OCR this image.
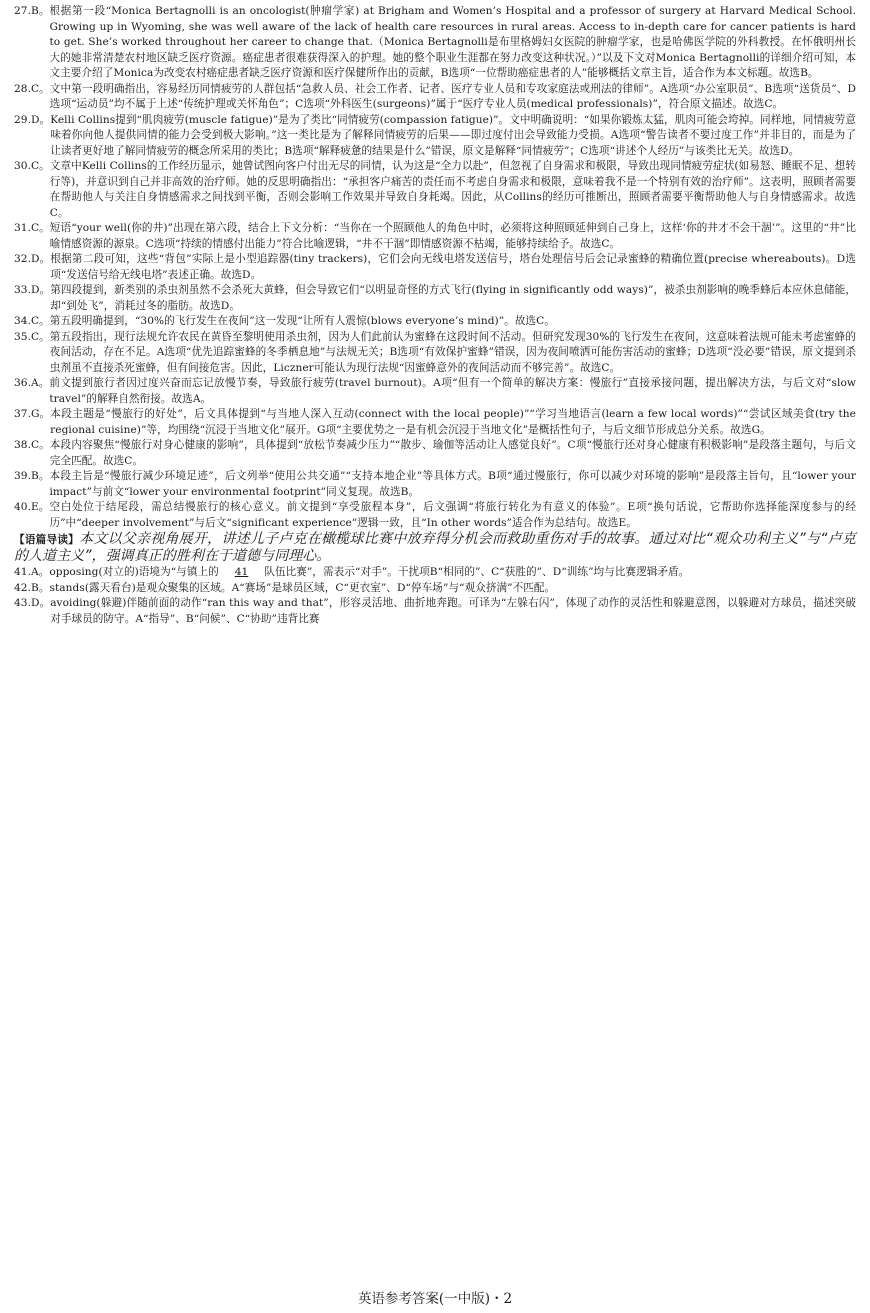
27.B。 根据第一段“Monica Bertagnolli is an oncologist(肿瘤学家) at Brigham and Women’s Hospital and a professor of surgery at Harvard Medical School. Growing up in Wyoming, she was well aware of the lack of health care resources in rural areas. Access to in-depth care for cancer patients is hard to get. She’s worked throughout her career to change that.（Monica Bertagnolli是布里格姆妇女医院的肿瘤学家，也是哈佛医学院的外科教授。在怀俄明州长大的她非常清楚农村地区缺乏医疗资源。癌症患者很难获得深入的护理。她的整个职业生涯都在努力改变这种状况。）”以及下文对Monica Bertagnolli的详细介绍可知，本文主要介绍了Monica为改变农村癌症患者缺乏医疗资源和医疗保健所作出的贡献，B选项“一位帮助癌症患者的人”能够概括文章主旨，适合作为本文标题。故选B。
28.C。 文中第一段明确指出，容易经历同情疲劳的人群包括“急救人员、社会工作者、记者、医疗专业人员和专攻家庭法或刑法的律师”。A选项“办公室职员”、B选项“送货员”、D选项“运动员”均不属于上述“传统护理或关怀角色”；C选项“外科医生(surgeons)”属于“医疗专业人员(medical professionals)”，符合原文描述。故选C。
29.D。 Kelli Collins提到“肌肉疲劳(muscle fatigue)”是为了类比“同情疲劳(compassion fatigue)”。文中明确说明：“如果你锻炼太猛，肌肉可能会垮掉。同样地，同情疲劳意味着你向他人提供同情的能力会受到极大影响。”这一类比是为了解释同情疲劳的后果——即过度付出会导致能力受损。A选项“警告读者不要过度工作”并非目的，而是为了让读者更好地了解同情疲劳的概念所采用的类比；B选项“解释疲惫的结果是什么”错误，原文是解释“同情疲劳”；C选项“讲述个人经历”与该类比无关。故选D。
30.C。 文章中Kelli Collins的工作经历显示，她曾试图向客户付出无尽的同情，认为这是“全力以赴”，但忽视了自身需求和极限，导致出现同情疲劳症状(如易怒、睡眠不足、想转行等)，并意识到自己并非高效的治疗师。她的反思明确指出：“承担客户痛苦的责任而不考虑自身需求和极限，意味着我不是一个特别有效的治疗师”。这表明，照顾者需要在帮助他人与关注自身情感需求之间找到平衡，否则会影响工作效果并导致自身耗竭。因此，从Collins的经历可推断出，照顾者需要平衡帮助他人与自身情感需求。故选C。
31.C。 短语“your well(你的井)”出现在第六段，结合上下文分析：“当你在一个照顾他人的角色中时，必须将这种照顾延伸到自己身上，这样‘你的井才不会干涸’”。这里的“井”比喻情感资源的源泉。C选项“持续的情感付出能力”符合比喻逻辑，“井不干涸”即情感资源不枯竭，能够持续给予。故选C。
32.D。 根据第二段可知，这些“背包”实际上是小型追踪器(tiny trackers)，它们会向无线电塔发送信号，塔台处理信号后会记录蜜蜂的精确位置(precise whereabouts)。D选项“发送信号给无线电塔”表述正确。故选D。
33.D。 第四段提到，新类别的杀虫剂虽然不会杀死大黄蜂，但会导致它们“以明显奇怪的方式飞行(flying in significantly odd ways)”，被杀虫剂影响的晚季蜂后本应休息储能，却“到处飞”，消耗过冬的脂肪。故选D。
34.C。 第五段明确提到，“30%的飞行发生在夜间”这一发现“让所有人震惊(blows everyone’s mind)”。故选C。
35.C。 第五段指出，现行法规允许农民在黄昏至黎明使用杀虫剂，因为人们此前认为蜜蜂在这段时间不活动。但研究发现30%的飞行发生在夜间，这意味着法规可能未考虑蜜蜂的夜间活动，存在不足。A选项“优先追踪蜜蜂的冬季栖息地”与法规无关；B选项“有效保护蜜蜂”错误，因为夜间喷洒可能伤害活动的蜜蜂；D选项“没必要”错误，原文提到杀虫剂虽不直接杀死蜜蜂，但有间接危害。因此，Liczner可能认为现行法规“因蜜蜂意外的夜间活动而不够完善”。故选C。
36.A。 前文提到旅行者因过度兴奋而忘记放慢节奏，导致旅行疲劳(travel burnout)。A项“但有一个简单的解决方案：慢旅行”直接承接问题，提出解决方法，与后文对“slow travel”的解释自然衔接。故选A。
37.G。 本段主题是“慢旅行的好处”，后文具体提到“与当地人深入互动(connect with the local people)”“学习当地语言(learn a few local words)”“尝试区域美食(try the regional cuisine)”等，均围绕“沉浸于当地文化”展开。G项“主要优势之一是有机会沉浸于当地文化”是概括性句子，与后文细节形成总分关系。故选G。
38.C。 本段内容聚焦“慢旅行对身心健康的影响”，具体提到“放松节奏减少压力”“散步、瑜伽等活动让人感觉良好”。C项“慢旅行还对身心健康有积极影响”是段落主题句，与后文完全匹配。故选C。
39.B。 本段主旨是“慢旅行减少环境足迹”，后文列举“使用公共交通”“支持本地企业”等具体方式。B项“通过慢旅行，你可以减少对环境的影响”是段落主旨句，且“lower your impact”与前文“lower your environmental footprint”同义复现。故选B。
40.E。 空白处位于结尾段，需总结慢旅行的核心意义。前文提到“享受旅程本身”，后文强调“将旅行转化为有意义的体验”。E项“换句话说，它帮助你选择能深度参与的经历”中“deeper involvement”与后文“significant experience”逻辑一致，且“In other words”适合作为总结句。故选E。
【语篇导读】本文以父亲视角展开，讲述儿子卢克在橄榄球比赛中放弃得分机会而救助重伤对手的故事。通过对比“观众功利主义”与“卢克的人道主义”，强调真正的胜利在于道德与同理心。
41.A。 opposing(对立的)语境为“与镇上的 41 队伍比赛”，需表示“对手”。干扰项B“相同的”、C“获胜的”、D“训练”均与比赛逻辑矛盾。
42.B。 stands(露天看台)是观众聚集的区域。A“赛场”是球员区域，C“更衣室”、D“停车场”与“观众挤满”不匹配。
43.D。 avoiding(躲避)伴随前面的动作“ran this way and that”，形容灵活地、曲折地奔跑。可译为“左躲右闪”，体现了动作的灵活性和躲避意图，以躲避对方球员，描述突破对手球员的防守。A“指导”、B“问候”、C“协助”违背比赛
英语参考答案(一中版)・2
